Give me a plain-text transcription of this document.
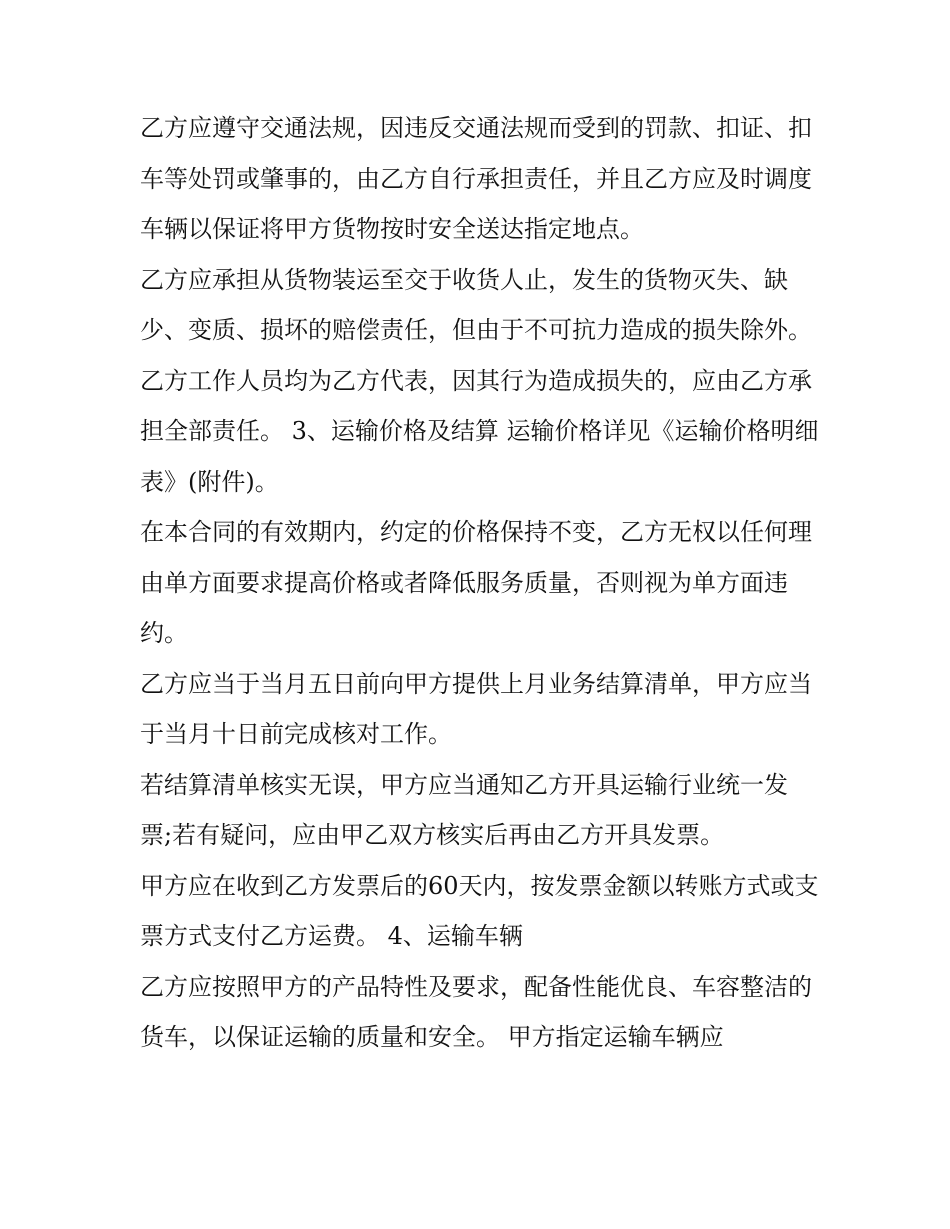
乙方应遵守交通法规，因违反交通法规而受到的罚款、扣证、扣车等处罚或肇事的，由乙方自行承担责任，并且乙方应及时调度车辆以保证将甲方货物按时安全送达指定地点。

乙方应承担从货物装运至交于收货人止，发生的货物灭失、缺少、变质、损坏的赔偿责任，但由于不可抗力造成的损失除外。

乙方工作人员均为乙方代表，因其行为造成损失的，应由乙方承担全部责任。 3、运输价格及结算 运输价格详见《运输价格明细表》(附件)。

在本合同的有效期内，约定的价格保持不变，乙方无权以任何理由单方面要求提高价格或者降低服务质量，否则视为单方面违约。

乙方应当于当月五日前向甲方提供上月业务结算清单，甲方应当于当月十日前完成核对工作。

若结算清单核实无误，甲方应当通知乙方开具运输行业统一发票;若有疑问，应由甲乙双方核实后再由乙方开具发票。

甲方应在收到乙方发票后的60天内，按发票金额以转账方式或支票方式支付乙方运费。 4、运输车辆

乙方应按照甲方的产品特性及要求，配备性能优良、车容整洁的货车，以保证运输的质量和安全。 甲方指定运输车辆应
